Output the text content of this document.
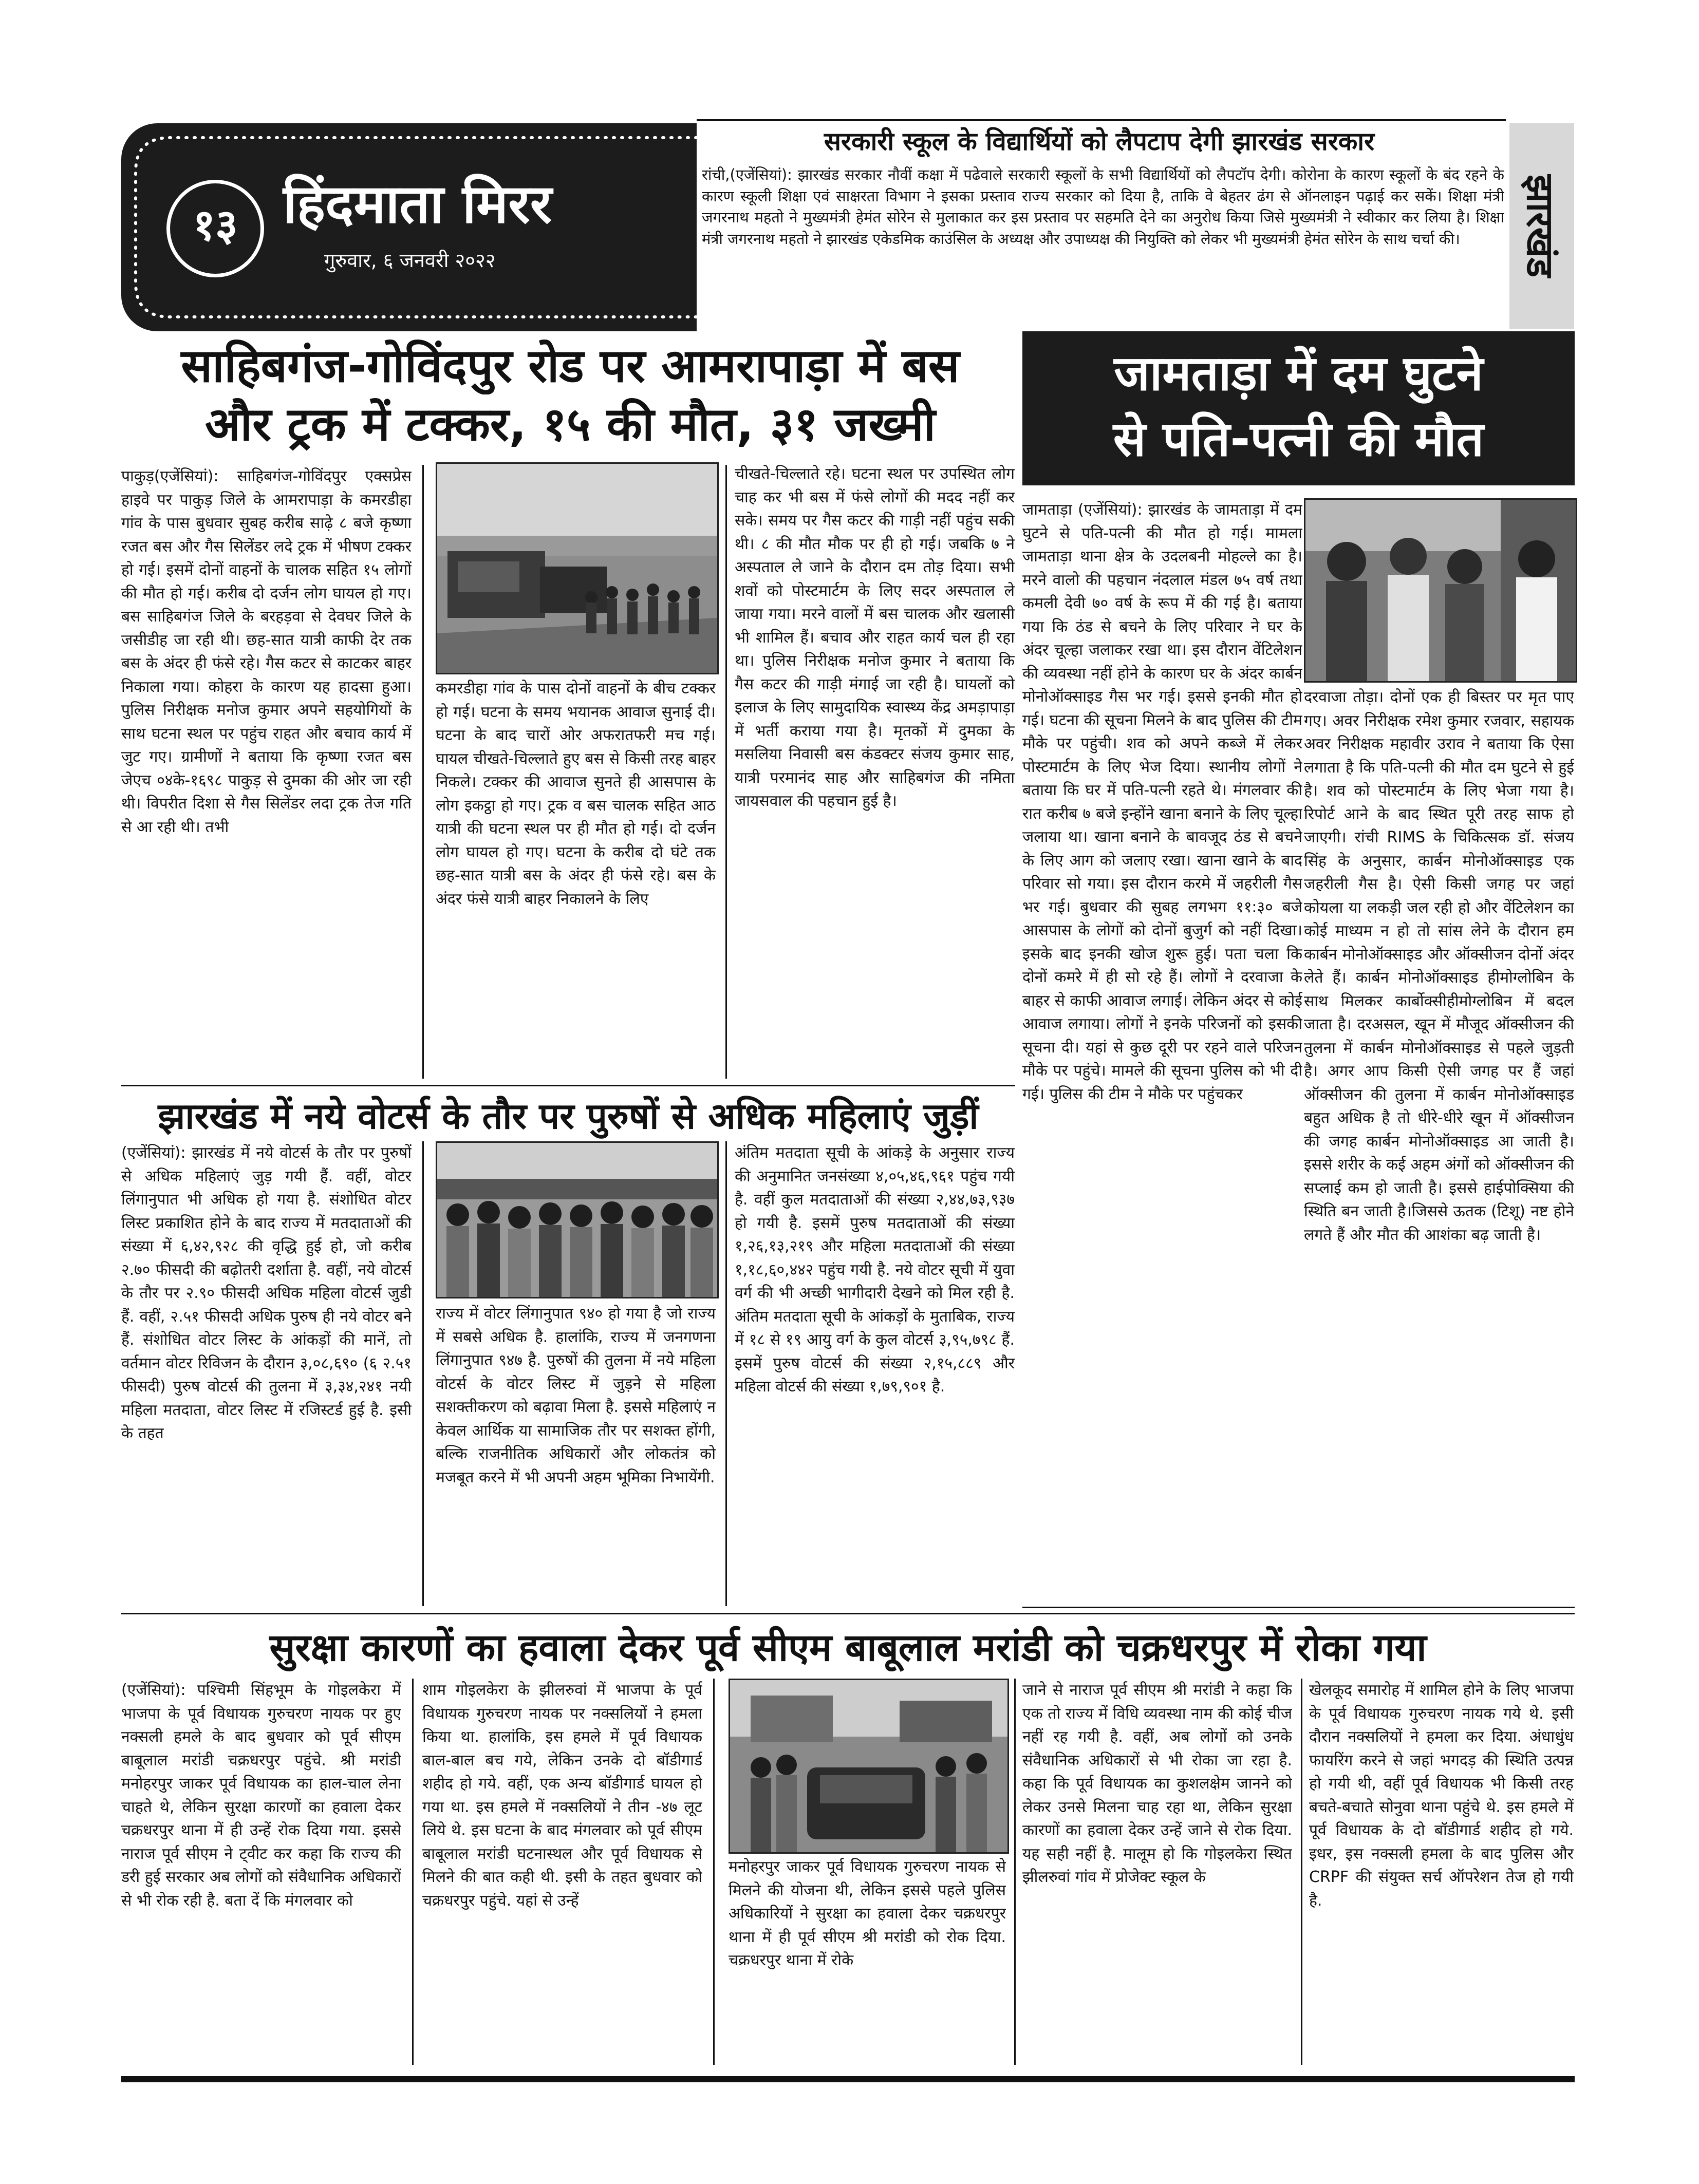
१३ हिंदमाता मिरर
गुरुवार, ६ जनवरी २०२२
सरकारी स्कूल के विद्यार्थियों को लैपटाप देगी झारखंड सरकार
रांची,(एजेंसियां): झारखंड सरकार नौवीं कक्षा में पढेवाले सरकारी स्कूलों के सभी विद्यार्थियों को लैपटॉप देगी। कोरोना के कारण स्कूलों के बंद रहने के कारण स्कूली शिक्षा एवं साक्षरता विभाग ने इसका प्रस्ताव राज्य सरकार को दिया है, ताकि वे बेहतर ढंग से ऑनलाइन पढ़ाई कर सकें। शिक्षा मंत्री जगरनाथ महतो ने मुख्यमंत्री हेमंत सोरेन से मुलाकात कर इस प्रस्ताव पर सहमति देने का अनुरोध किया जिसे मुख्यमंत्री ने स्वीकार कर लिया है। शिक्षा मंत्री जगरनाथ महतो ने झारखंड एकेडमिक काउंसिल के अध्यक्ष और उपाध्यक्ष की नियुक्ति को लेकर भी मुख्यमंत्री हेमंत सोरेन के साथ चर्चा की।	झारखंड
साहिबगंज-गोविंदपुर रोड पर आमरापाड़ा में बस
और ट्रक में टक्कर, १५ की मौत, ३१ जख्मी
पाकुड़(एजेंसियां): साहिबगंज-गोविंदपुर एक्सप्रेस हाइवे पर पाकुड़ जिले के आमरापाड़ा के कमरडीहा गांव के पास बुधवार सुबह करीब साढ़े ८ बजे कृष्णा रजत बस और गैस सिलेंडर लदे ट्रक में भीषण टक्कर हो गई। इसमें दोनों वाहनों के चालक सहित १५ लोगों की मौत हो गई। करीब दो दर्जन लोग घायल हो गए। बस साहिबगंज जिले के बरहड़वा से देवघर जिले के जसीडीह जा रही थी। छह-सात यात्री काफी देर तक बस के अंदर ही फंसे रहे। गैस कटर से काटकर बाहर निकाला गया। कोहरा के कारण यह हादसा हुआ। पुलिस निरीक्षक मनोज कुमार अपने सहयोगियों के साथ घटना स्थल पर पहुंच राहत और बचाव कार्य में जुट गए। ग्रामीणों ने बताया कि कृष्णा रजत बस जेएच ०४के-१६९८ पाकुड़ से दुमका की ओर जा रही थी। विपरीत दिशा से गैस सिलेंडर लदा ट्रक तेज गति से आ रही थी। तभी
कमरडीहा गांव के पास दोनों वाहनों के बीच टक्कर हो गई। घटना के समय भयानक आवाज सुनाई दी। घटना के बाद चारों ओर अफरातफरी मच गई। घायल चीखते-चिल्लाते हुए बस से किसी तरह बाहर निकले। टक्कर की आवाज सुनते ही आसपास के लोग इकट्ठा हो गए। ट्रक व बस चालक सहित आठ यात्री की घटना स्थल पर ही मौत हो गई। दो दर्जन लोग घायल हो गए। घटना के करीब दो घंटे तक छह-सात यात्री बस के अंदर ही फंसे रहे। बस के अंदर फंसे यात्री बाहर निकालने के लिए
चीखते-चिल्लाते रहे। घटना स्थल पर उपस्थित लोग चाह कर भी बस में फंसे लोगों की मदद नहीं कर सके। समय पर गैस कटर की गाड़ी नहीं पहुंच सकी थी। ८ की मौत मौक पर ही हो गई। जबकि ७ ने अस्पताल ले जाने के दौरान दम तोड़ दिया। सभी शवों को पोस्टमार्टम के लिए सदर अस्पताल ले जाया गया। मरने वालों में बस चालक और खलासी भी शामिल हैं। बचाव और राहत कार्य चल ही रहा था। पुलिस निरीक्षक मनोज कुमार ने बताया कि गैस कटर की गाड़ी मंगाई जा रही है। घायलों को इलाज के लिए सामुदायिक स्वास्थ्य केंद्र अमड़ापाड़ा में भर्ती कराया गया है। मृतकों में दुमका के मसलिया निवासी बस कंडक्टर संजय कुमार साह, यात्री परमानंद साह और साहिबगंज की नमिता जायसवाल की पहचान हुई है।
जामताड़ा में दम घुटने
से पति-पत्नी की मौत
जामताड़ा (एजेंसियां): झारखंड के जामताड़ा में दम घुटने से पति-पत्नी की मौत हो गई। मामला जामताड़ा थाना क्षेत्र के उदलबनी मोहल्ले का है। मरने वालो की पहचान नंदलाल मंडल ७५ वर्ष तथा कमली देवी ७० वर्ष के रूप में की गई है। बताया गया कि ठंड से बचने के लिए परिवार ने घर के अंदर चूल्हा जलाकर रखा था। इस दौरान वेंटिलेशन की व्यवस्था नहीं होने के कारण घर के अंदर कार्बन मोनोऑक्साइड गैस भर गई। इससे इनकी मौत हो गई। घटना की सूचना मिलने के बाद पुलिस की टीम मौके पर पहुंची। शव को अपने कब्जे में लेकर पोस्टमार्टम के लिए भेज दिया। स्थानीय लोगों ने बताया कि घर में पति-पत्नी रहते थे। मंगलवार की रात करीब ७ बजे इन्होंने खाना बनाने के लिए चूल्हा जलाया था। खाना बनाने के बावजूद ठंड से बचने के लिए आग को जलाए रखा। खाना खाने के बाद परिवार सो गया। इस दौरान करमे में जहरीली गैस भर गई। बुधवार की सुबह लगभग ११:३० बजे आसपास के लोगों को दोनों बुजुर्ग को नहीं दिखा। इसके बाद इनकी खोज शुरू हुई। पता चला कि दोनों कमरे में ही सो रहे हैं। लोगों ने दरवाजा के बाहर से काफी आवाज लगाई। लेकिन अंदर से कोई आवाज लगाया। लोगों ने इनके परिजनों को इसकी सूचना दी। यहां से कुछ दूरी पर रहने वाले परिजन मौके पर पहुंचे। मामले की सूचना पुलिस को भी दी गई। पुलिस की टीम ने मौके पर पहुंचकर
दरवाजा तोड़ा। दोनों एक ही बिस्तर पर मृत पाए गए। अवर निरीक्षक रमेश कुमार रजवार, सहायक अवर निरीक्षक महावीर उराव ने बताया कि ऐसा लगाता है कि पति-पत्नी की मौत दम घुटने से हुई है। शव को पोस्टमार्टम के लिए भेजा गया है। रिपोर्ट आने के बाद स्थित पूरी तरह साफ हो जाएगी। रांची RIMS के चिकित्सक डॉ. संजय सिंह के अनुसार, कार्बन मोनोऑक्साइड एक जहरीली गैस है। ऐसी किसी जगह पर जहां कोयला या लकड़ी जल रही हो और वेंटिलेशन का कोई माध्यम न हो तो सांस लेने के दौरान हम कार्बन मोनोऑक्साइड और ऑक्सीजन दोनों अंदर लेते हैं। कार्बन मोनोऑक्साइड हीमोग्लोबिन के साथ मिलकर कार्बोक्सीहीमोग्लोबिन में बदल जाता है। दरअसल, खून में मौजूद ऑक्सीजन की तुलना में कार्बन मोनोऑक्साइड से पहले जुड़ती है। अगर आप किसी ऐसी जगह पर हैं जहां ऑक्सीजन की तुलना में कार्बन मोनोऑक्साइड बहुत अधिक है तो धीरे-धीरे खून में ऑक्सीजन की जगह कार्बन मोनोऑक्साइड आ जाती है। इससे शरीर के कई अहम अंगों को ऑक्सीजन की सप्लाई कम हो जाती है। इससे हाईपोक्सिया की स्थिति बन जाती है।जिससे ऊतक (टिशू) नष्ट होने लगते हैं और मौत की आशंका बढ़ जाती है।
झारखंड में नये वोटर्स के तौर पर पुरुषों से अधिक महिलाएं जुड़ीं
(एजेंसियां): झारखंड में नये वोटर्स के तौर पर पुरुषों से अधिक महिलाएं जुड़ गयी हैं. वहीं, वोटर लिंगानुपात भी अधिक हो गया है. संशोधित वोटर लिस्ट प्रकाशित होने के बाद राज्य में मतदाताओं की संख्या में ६,४२,९२८ की वृद्धि हुई हो, जो करीब २.७० फीसदी की बढ़ोतरी दर्शाता है. वहीं, नये वोटर्स के तौर पर २.९० फीसदी अधिक महिला वोटर्स जुडी हैं. वहीं, २.५१ फीसदी अधिक पुरुष ही नये वोटर बने हैं. संशोधित वोटर लिस्ट के आंकड़ों की मानें, तो वर्तमान वोटर रिविजन के दौरान ३,०८,६९० (६ २.५१ फीसदी) पुरुष वोटर्स की तुलना में ३,३४,२४१ नयी महिला मतदाता, वोटर लिस्ट में रजिस्टर्ड हुई है. इसी के तहत
राज्य में वोटर लिंगानुपात ९४० हो गया है जो राज्य में सबसे अधिक है. हालांकि, राज्य में जनगणना लिंगानुपात ९४७ है. पुरुषों की तुलना में नये महिला वोटर्स के वोटर लिस्ट में जुड़ने से महिला सशक्तीकरण को बढ़ावा मिला है. इससे महिलाएं न केवल आर्थिक या सामाजिक तौर पर सशक्त होंगी, बल्कि राजनीतिक अधिकारों और लोकतंत्र को मजबूत करने में भी अपनी अहम भूमिका निभायेंगी.
अंतिम मतदाता सूची के आंकड़े के अनुसार राज्य की अनुमानित जनसंख्या ४,०५,४६,९६१ पहुंच गयी है. वहीं कुल मतदाताओं की संख्या २,४४,७३,९३७ हो गयी है. इसमें पुरुष मतदाताओं की संख्या १,२६,१३,२१९ और महिला मतदाताओं की संख्या १,१८,६०,४४२ पहुंच गयी है. नये वोटर सूची में युवा वर्ग की भी अच्छी भागीदारी देखने को मिल रही है. अंतिम मतदाता सूची के आंकड़ों के मुताबिक, राज्य में १८ से १९ आयु वर्ग के कुल वोटर्स ३,९५,७९८ हैं. इसमें पुरुष वोटर्स की संख्या २,१५,८८९ और महिला वोटर्स की संख्या १,७९,९०१ है.
सुरक्षा कारणों का हवाला देकर पूर्व सीएम बाबूलाल मरांडी को चक्रधरपुर में रोका गया
(एजेंसियां): पश्चिमी सिंहभूम के गोइलकेरा में भाजपा के पूर्व विधायक गुरुचरण नायक पर हुए नक्सली हमले के बाद बुधवार को पूर्व सीएम बाबूलाल मरांडी चक्रधरपुर पहुंचे. श्री मरांडी मनोहरपुर जाकर पूर्व विधायक का हाल-चाल लेना चाहते थे, लेकिन सुरक्षा कारणों का हवाला देकर चक्रधरपुर थाना में ही उन्हें रोक दिया गया. इससे नाराज पूर्व सीएम ने ट्वीट कर कहा कि राज्य की डरी हुई सरकार अब लोगों को संवैधानिक अधिकारों से भी रोक रही है. बता दें कि मंगलवार को
शाम गोइलकेरा के झीलरुवां में भाजपा के पूर्व विधायक गुरुचरण नायक पर नक्सलियों ने हमला किया था. हालांकि, इस हमले में पूर्व विधायक बाल-बाल बच गये, लेकिन उनके दो बॉडीगार्ड शहीद हो गये. वहीं, एक अन्य बॉडीगार्ड घायल हो गया था. इस हमले में नक्सलियों ने तीन -४७ लूट लिये थे. इस घटना के बाद मंगलवार को पूर्व सीएम बाबूलाल मरांडी घटनास्थल और पूर्व विधायक से मिलने की बात कही थी. इसी के तहत बुधवार को चक्रधरपुर पहुंचे. यहां से उन्हें
मनोहरपुर जाकर पूर्व विधायक गुरुचरण नायक से मिलने की योजना थी, लेकिन इससे पहले पुलिस अधिकारियों ने सुरक्षा का हवाला देकर चक्रधरपुर थाना में ही पूर्व सीएम श्री मरांडी को रोक दिया. चक्रधरपुर थाना में रोके
जाने से नाराज पूर्व सीएम श्री मरांडी ने कहा कि एक तो राज्य में विधि व्यवस्था नाम की कोई चीज नहीं रह गयी है. वहीं, अब लोगों को उनके संवैधानिक अधिकारों से भी रोका जा रहा है. कहा कि पूर्व विधायक का कुशलक्षेम जानने को लेकर उनसे मिलना चाह रहा था, लेकिन सुरक्षा कारणों का हवाला देकर उन्हें जाने से रोक दिया. यह सही नहीं है. मालूम हो कि गोइलकेरा स्थित झीलरुवां गांव में प्रोजेक्ट स्कूल के
खेलकूद समारोह में शामिल होने के लिए भाजपा के पूर्व विधायक गुरुचरण नायक गये थे. इसी दौरान नक्सलियों ने हमला कर दिया. अंधाधुंध फायरिंग करने से जहां भगदड़ की स्थिति उत्पन्न हो गयी थी, वहीं पूर्व विधायक भी किसी तरह बचते-बचाते सोनुवा थाना पहुंचे थे. इस हमले में पूर्व विधायक के दो बॉडीगार्ड शहीद हो गये. इधर, इस नक्सली हमला के बाद पुलिस और CRPF की संयुक्त सर्च ऑपरेशन तेज हो गयी है.
